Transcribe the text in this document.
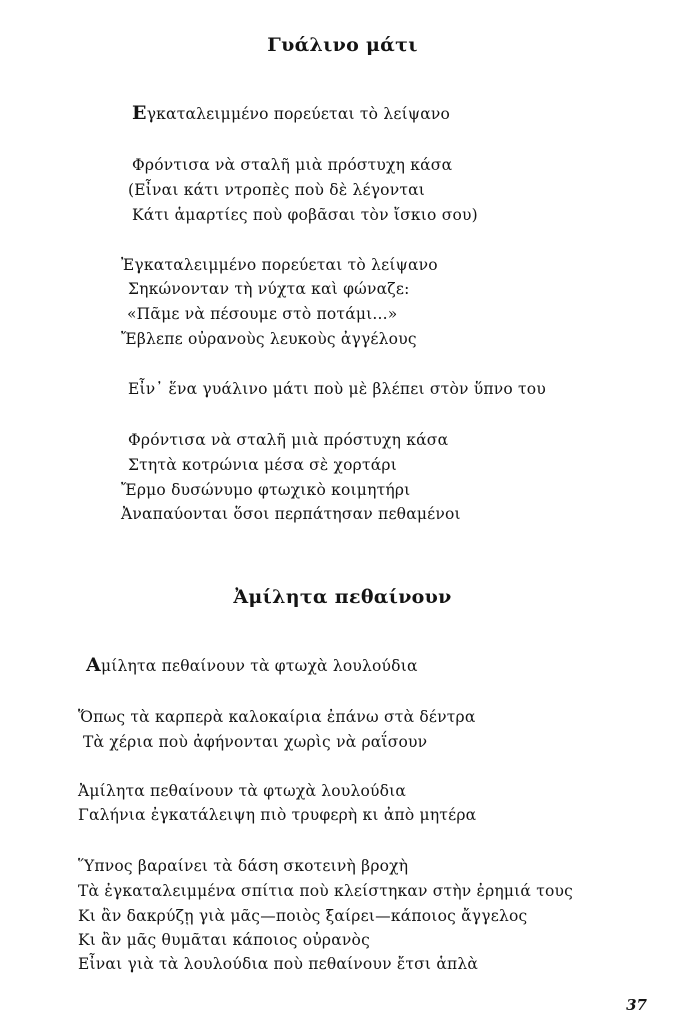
Γυάλινο μάτι
Εγκαταλειμμένο πορεύεται τὸ λείψανο
Φρόντισα νὰ σταλῆ μιὰ πρόστυχη κάσα
(Εἶναι κάτι ντροπὲς ποὺ δὲ λέγονται
Κάτι ἁμαρτίες ποὺ φοβᾶσαι τὸν ἴσκιο σου)
Ἐγκαταλειμμένο πορεύεται τὸ λείψανο
Σηκώνονταν τὴ νύχτα καὶ φώναζε:
«Πᾶμε νὰ πέσουμε στὸ ποτάμι...»
Ἔβλεπε οὐρανοὺς λευκοὺς ἀγγέλους
Εἶν᾿ ἕνα γυάλινο μάτι ποὺ μὲ βλέπει στὸν ὕπνο του
Φρόντισα νὰ σταλῆ μιὰ πρόστυχη κάσα
Στητὰ κοτρώνια μέσα σὲ χορτάρι
Ἔρμο δυσώνυμο φτωχικὸ κοιμητήρι
Ἀναπαύονται ὅσοι περπάτησαν πεθαμένοι
Ἀμίλητα πεθαίνουν
Αμίλητα πεθαίνουν τὰ φτωχὰ λουλούδια
Ὅπως τὰ καρπερὰ καλοκαίρια ἐπάνω στὰ δέντρα
Τὰ χέρια ποὺ ἀφήνονται χωρὶς νὰ ραΐσουν
Ἀμίλητα πεθαίνουν τὰ φτωχὰ λουλούδια
Γαλήνια ἐγκατάλειψη πιὸ τρυφερὴ κι ἀπὸ μητέρα
Ὕπνος βαραίνει τὰ δάση σκοτεινὴ βροχὴ
Τὰ ἐγκαταλειμμένα σπίτια ποὺ κλείστηκαν στὴν ἐρημιά τους
Κι ἂν δακρύζῃ γιὰ μᾶς—ποιὸς ξαίρει—κάποιος ἄγγελος
Κι ἂν μᾶς θυμᾶται κάποιος οὐρανὸς
Εἶναι γιὰ τὰ λουλούδια ποὺ πεθαίνουν ἔτσι ἁπλὰ
37
